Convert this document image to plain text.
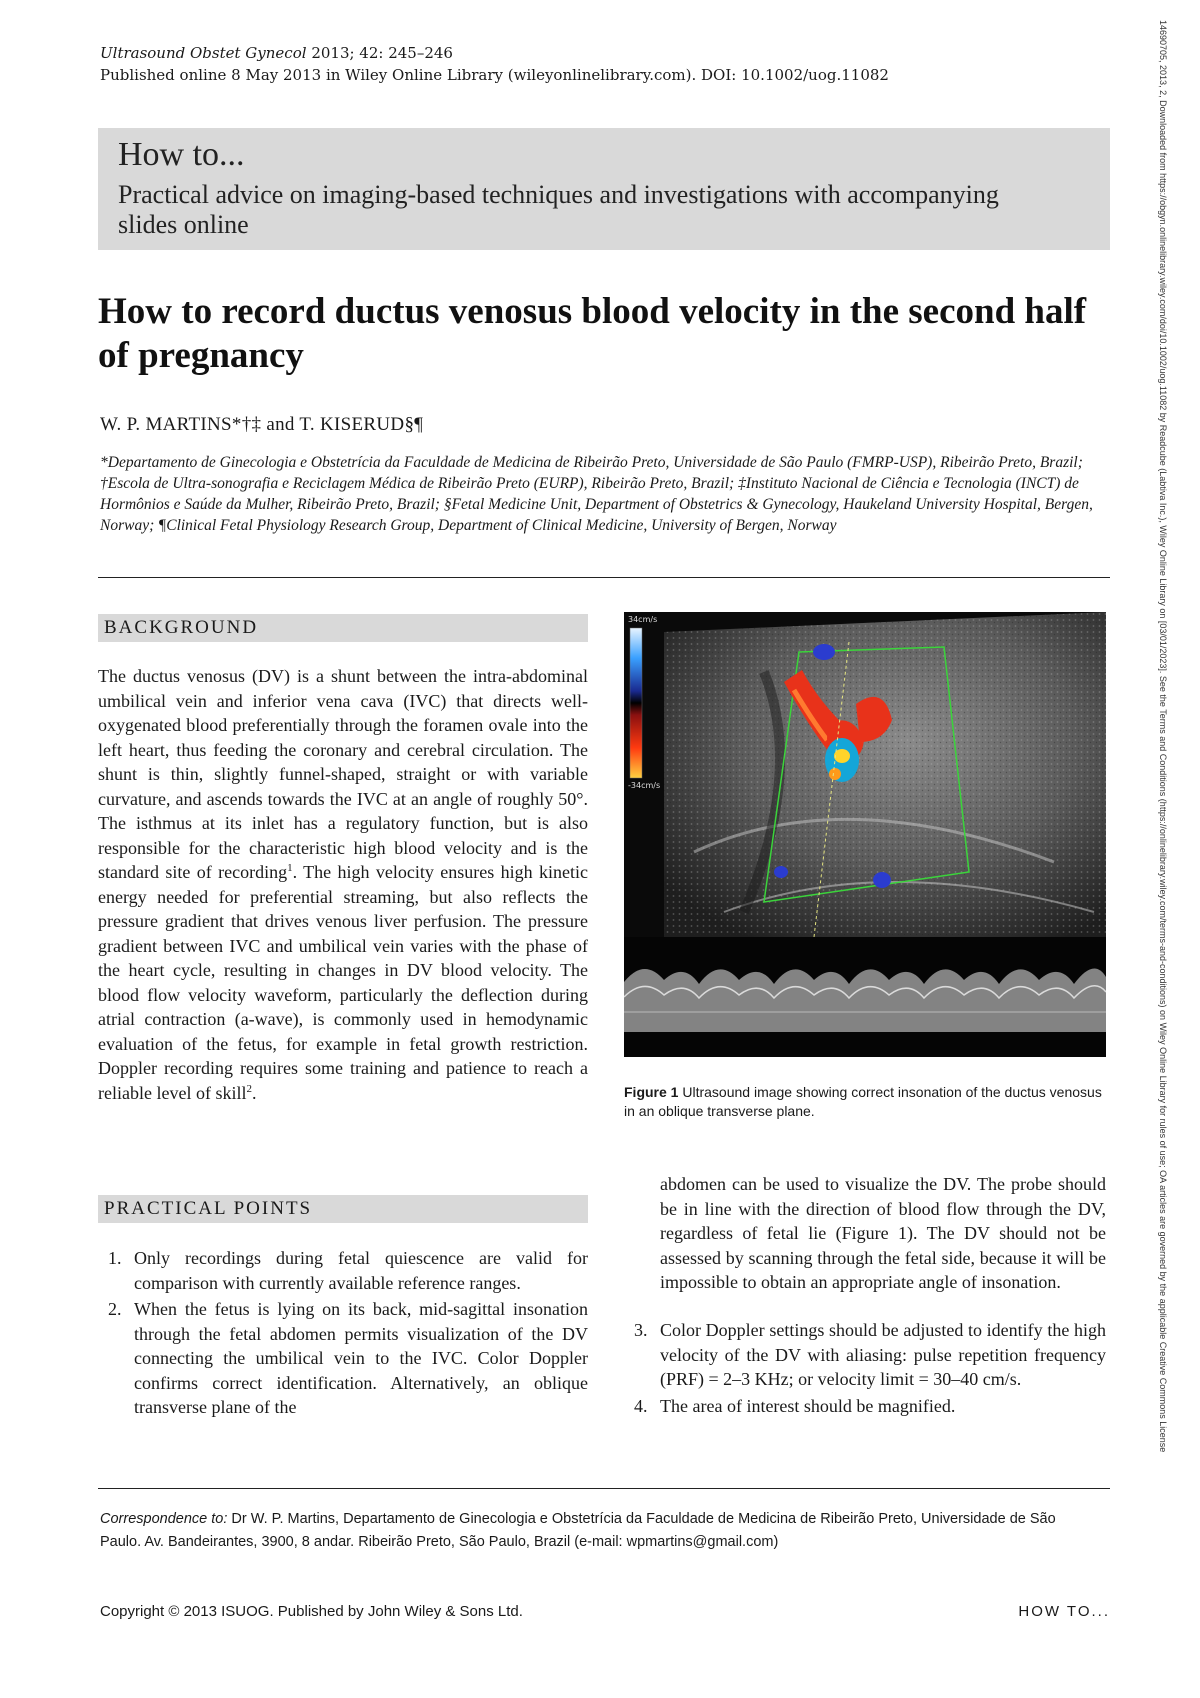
Ultrasound Obstet Gynecol 2013; 42: 245–246
Published online 8 May 2013 in Wiley Online Library (wileyonlinelibrary.com). DOI: 10.1002/uog.11082
How to...
Practical advice on imaging-based techniques and investigations with accompanying slides online
How to record ductus venosus blood velocity in the second half of pregnancy
W. P. MARTINS*†‡ and T. KISERUD§¶
*Departamento de Ginecologia e Obstetrícia da Faculdade de Medicina de Ribeirão Preto, Universidade de São Paulo (FMRP-USP), Ribeirão Preto, Brazil; †Escola de Ultra-sonografia e Reciclagem Médica de Ribeirão Preto (EURP), Ribeirão Preto, Brazil; ‡Instituto Nacional de Ciência e Tecnologia (INCT) de Hormônios e Saúde da Mulher, Ribeirão Preto, Brazil; §Fetal Medicine Unit, Department of Obstetrics & Gynecology, Haukeland University Hospital, Bergen, Norway; ¶Clinical Fetal Physiology Research Group, Department of Clinical Medicine, University of Bergen, Norway
BACKGROUND
The ductus venosus (DV) is a shunt between the intra-abdominal umbilical vein and inferior vena cava (IVC) that directs well-oxygenated blood preferentially through the foramen ovale into the left heart, thus feeding the coronary and cerebral circulation. The shunt is thin, slightly funnel-shaped, straight or with variable curvature, and ascends towards the IVC at an angle of roughly 50°. The isthmus at its inlet has a regulatory function, but is also responsible for the characteristic high blood velocity and is the standard site of recording$^1$. The high velocity ensures high kinetic energy needed for preferential streaming, but also reflects the pressure gradient that drives venous liver perfusion. The pressure gradient between IVC and umbilical vein varies with the phase of the heart cycle, resulting in changes in DV blood velocity. The blood flow velocity waveform, particularly the deflection during atrial contraction (a-wave), is commonly used in hemodynamic evaluation of the fetus, for example in fetal growth restriction. Doppler recording requires some training and patience to reach a reliable level of skill$^2$.
34cm/s
-34cm/s
Figure 1 Ultrasound image showing correct insonation of the ductus venosus in an oblique transverse plane.
PRACTICAL POINTS
1. Only recordings during fetal quiescence are valid for comparison with currently available reference ranges.
2. When the fetus is lying on its back, mid-sagittal insonation through the fetal abdomen permits visualization of the DV connecting the umbilical vein to the IVC. Color Doppler confirms correct identification. Alternatively, an oblique transverse plane of the
abdomen can be used to visualize the DV. The probe should be in line with the direction of blood flow through the DV, regardless of fetal lie (Figure 1). The DV should not be assessed by scanning through the fetal side, because it will be impossible to obtain an appropriate angle of insonation.
3. Color Doppler settings should be adjusted to identify the high velocity of the DV with aliasing: pulse repetition frequency (PRF) = 2–3 KHz; or velocity limit = 30–40 cm/s.
4. The area of interest should be magnified.
Correspondence to: Dr W. P. Martins, Departamento de Ginecologia e Obstetrícia da Faculdade de Medicina de Ribeirão Preto, Universidade de São Paulo. Av. Bandeirantes, 3900, 8 andar. Ribeirão Preto, São Paulo, Brazil (e-mail: wpmartins@gmail.com)
Copyright © 2013 ISUOG. Published by John Wiley & Sons Ltd.	HOW TO...
14690705, 2013, 2, Downloaded from https://obgyn.onlinelibrary.wiley.com/doi/10.1002/uog.11082 by Readcube (Labtiva Inc.), Wiley Online Library on [03/01/2023]. See the Terms and Conditions (https://onlinelibrary.wiley.com/terms-and-conditions) on Wiley Online Library for rules of use; OA articles are governed by the applicable Creative Commons License
